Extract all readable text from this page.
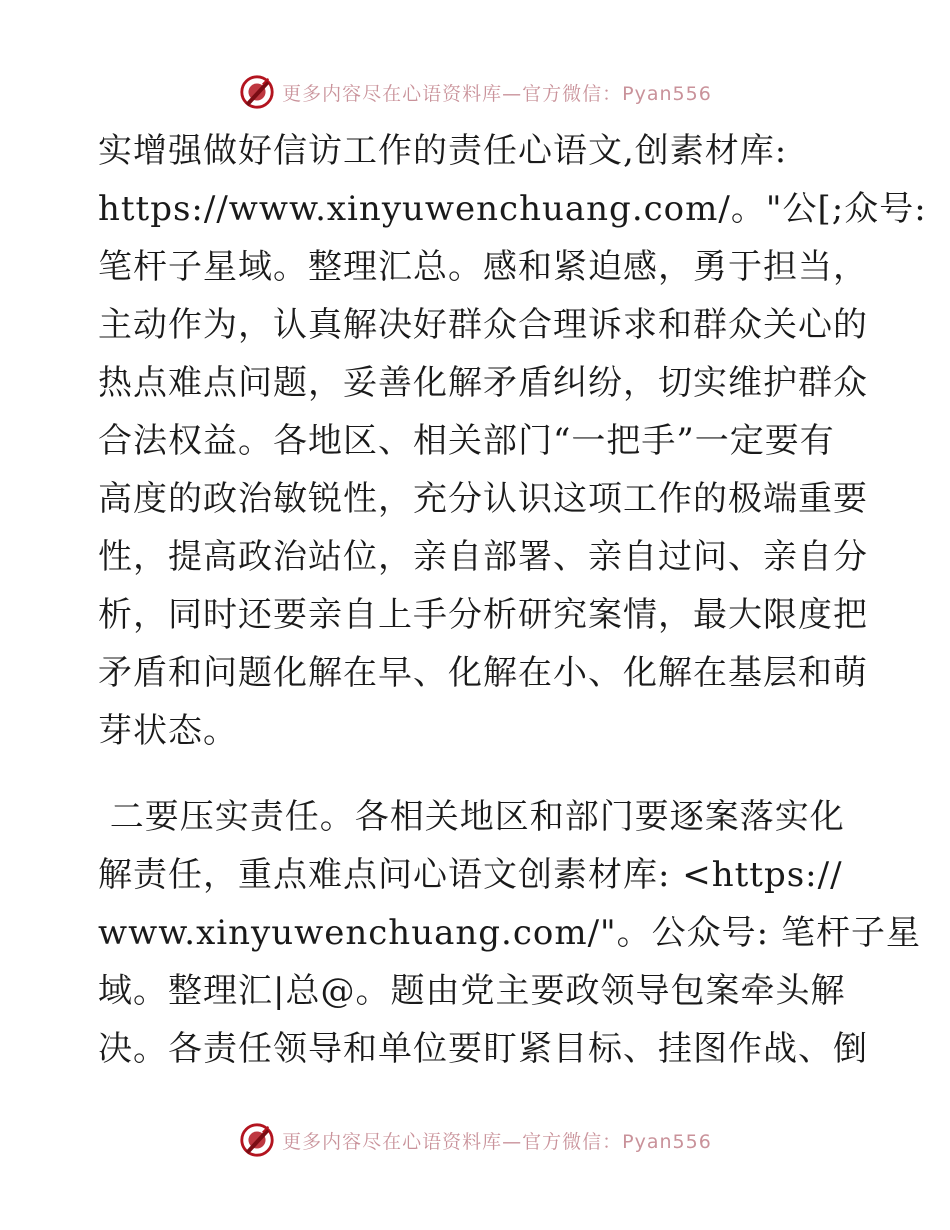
更多内容尽在心语资料库—官方微信：Pyan556
实增强做好信访工作的责任心语文,创素材库:
https://www.xinyuwenchuang.com/。"公[;众号:
笔杆子星域。整理汇总。感和紧迫感，勇于担当，
主动作为，认真解决好群众合理诉求和群众关心的
热点难点问题，妥善化解矛盾纠纷，切实维护群众
合法权益。各地区、相关部门“一把手”一定要有
高度的政治敏锐性，充分认识这项工作的极端重要
性，提高政治站位，亲自部署、亲自过问、亲自分
析，同时还要亲自上手分析研究案情，最大限度把
矛盾和问题化解在早、化解在小、化解在基层和萌
芽状态。
二要压实责任。各相关地区和部门要逐案落实化
解责任，重点难点问心语文创素材库: <https://
www.xinyuwenchuang.com/"。公众号: 笔杆子星
域。整理汇|总@。题由党主要政领导包案牵头解
决。各责任领导和单位要盯紧目标、挂图作战、倒
更多内容尽在心语资料库—官方微信：Pyan556
